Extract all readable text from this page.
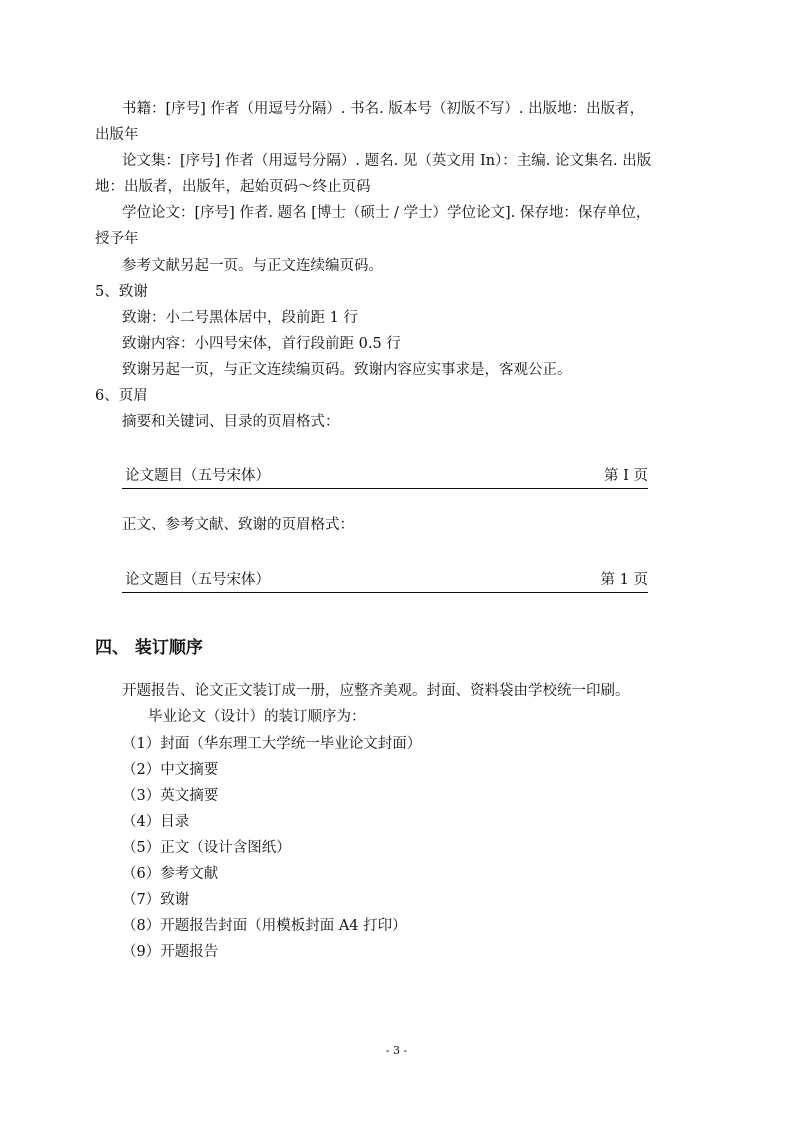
书籍：[序号] 作者（用逗号分隔）. 书名. 版本号（初版不写）. 出版地：出版者，
出版年
论文集：[序号] 作者（用逗号分隔）. 题名. 见（英文用 In）：主编. 论文集名. 出版
地：出版者，出版年，起始页码～终止页码
学位论文：[序号] 作者. 题名 [博士（硕士 / 学士）学位论文]. 保存地：保存单位，
授予年
参考文献另起一页。与正文连续编页码。
5、致谢
致谢：小二号黑体居中，段前距 1 行
致谢内容：小四号宋体，首行段前距 0.5 行
致谢另起一页，与正文连续编页码。致谢内容应实事求是，客观公正。
6、页眉
摘要和关键词、目录的页眉格式：
论文题目（五号宋体）	第 I 页
正文、参考文献、致谢的页眉格式：
论文题目（五号宋体）	第 1 页
四、 装订顺序
开题报告、论文正文装订成一册，应整齐美观。封面、资料袋由学校统一印刷。
毕业论文（设计）的装订顺序为：
（1）封面（华东理工大学统一毕业论文封面）
（2）中文摘要
（3）英文摘要
（4）目录
（5）正文（设计含图纸）
（6）参考文献
（7）致谢
（8）开题报告封面（用模板封面 A4 打印）
（9）开题报告
- 3 -
